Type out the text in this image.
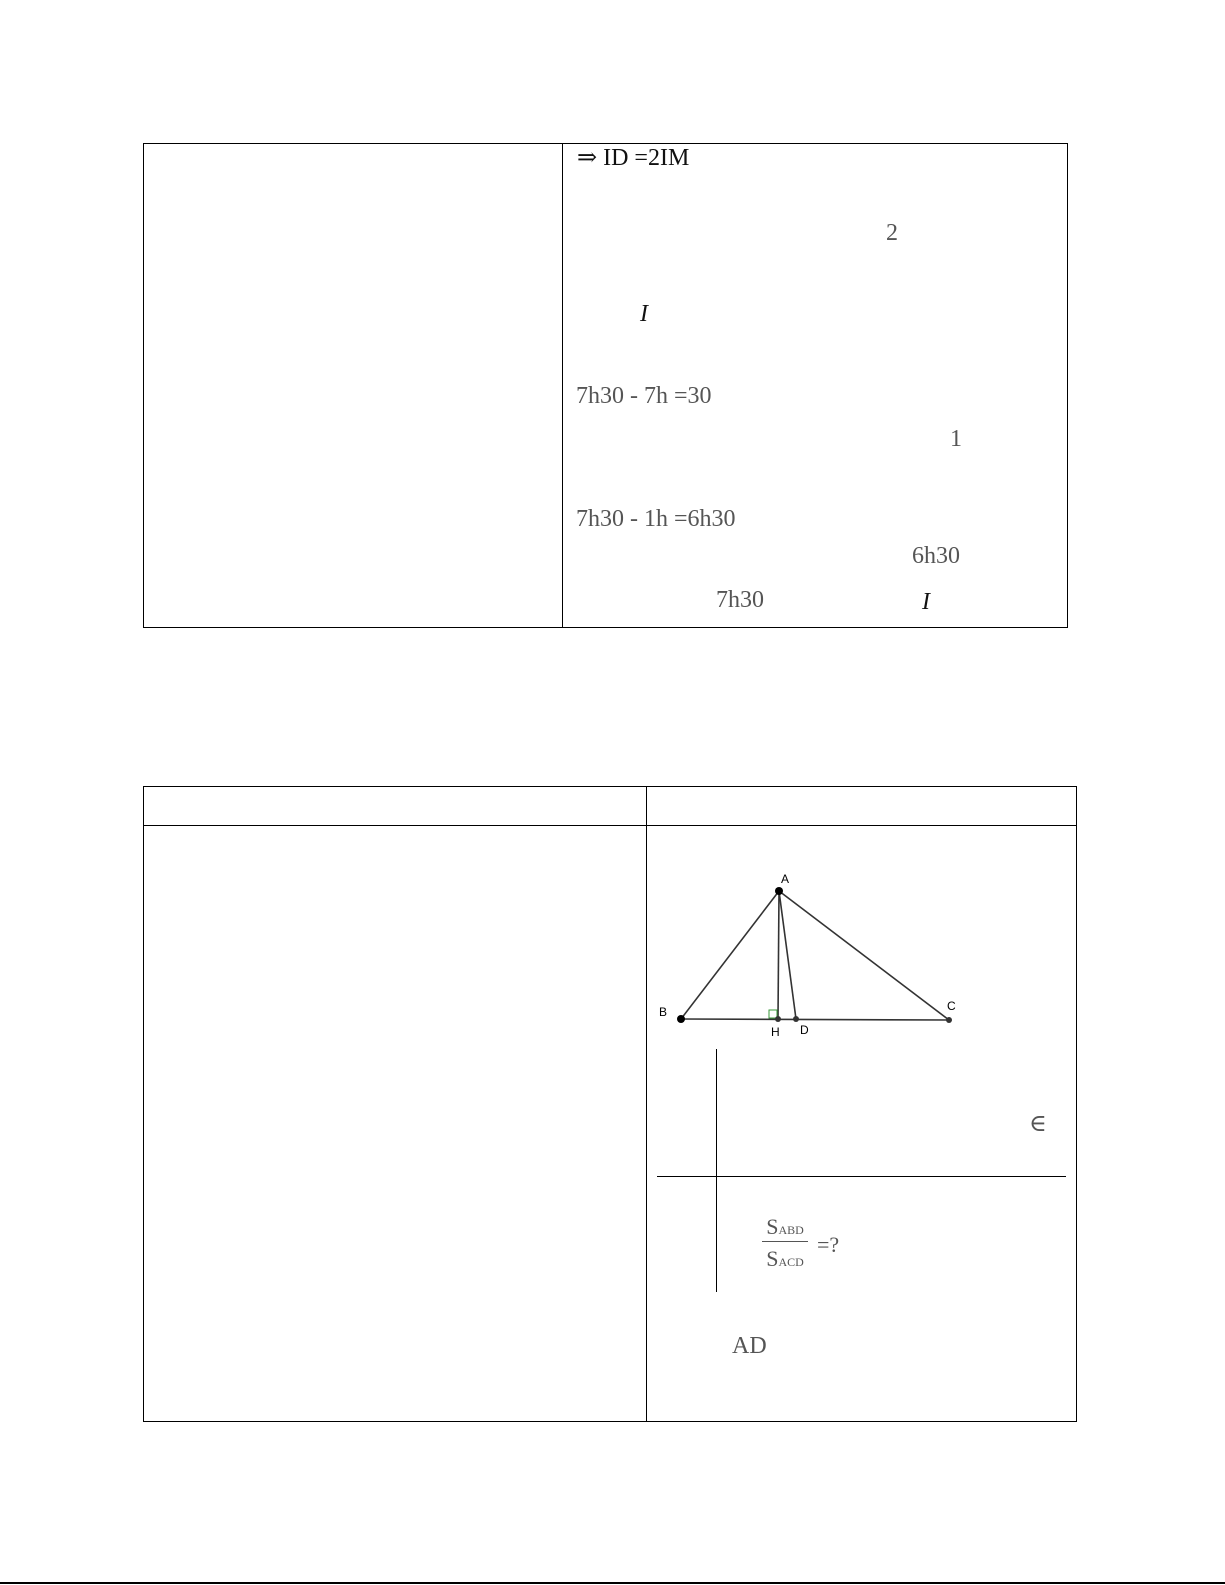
⇒ ID =2IM
2
I
7h30 - 7h =30
1
7h30 - 1h =6h30
6h30
7h30	I
A
B	C
H D
∈
SABD
SACD
=?
AD
